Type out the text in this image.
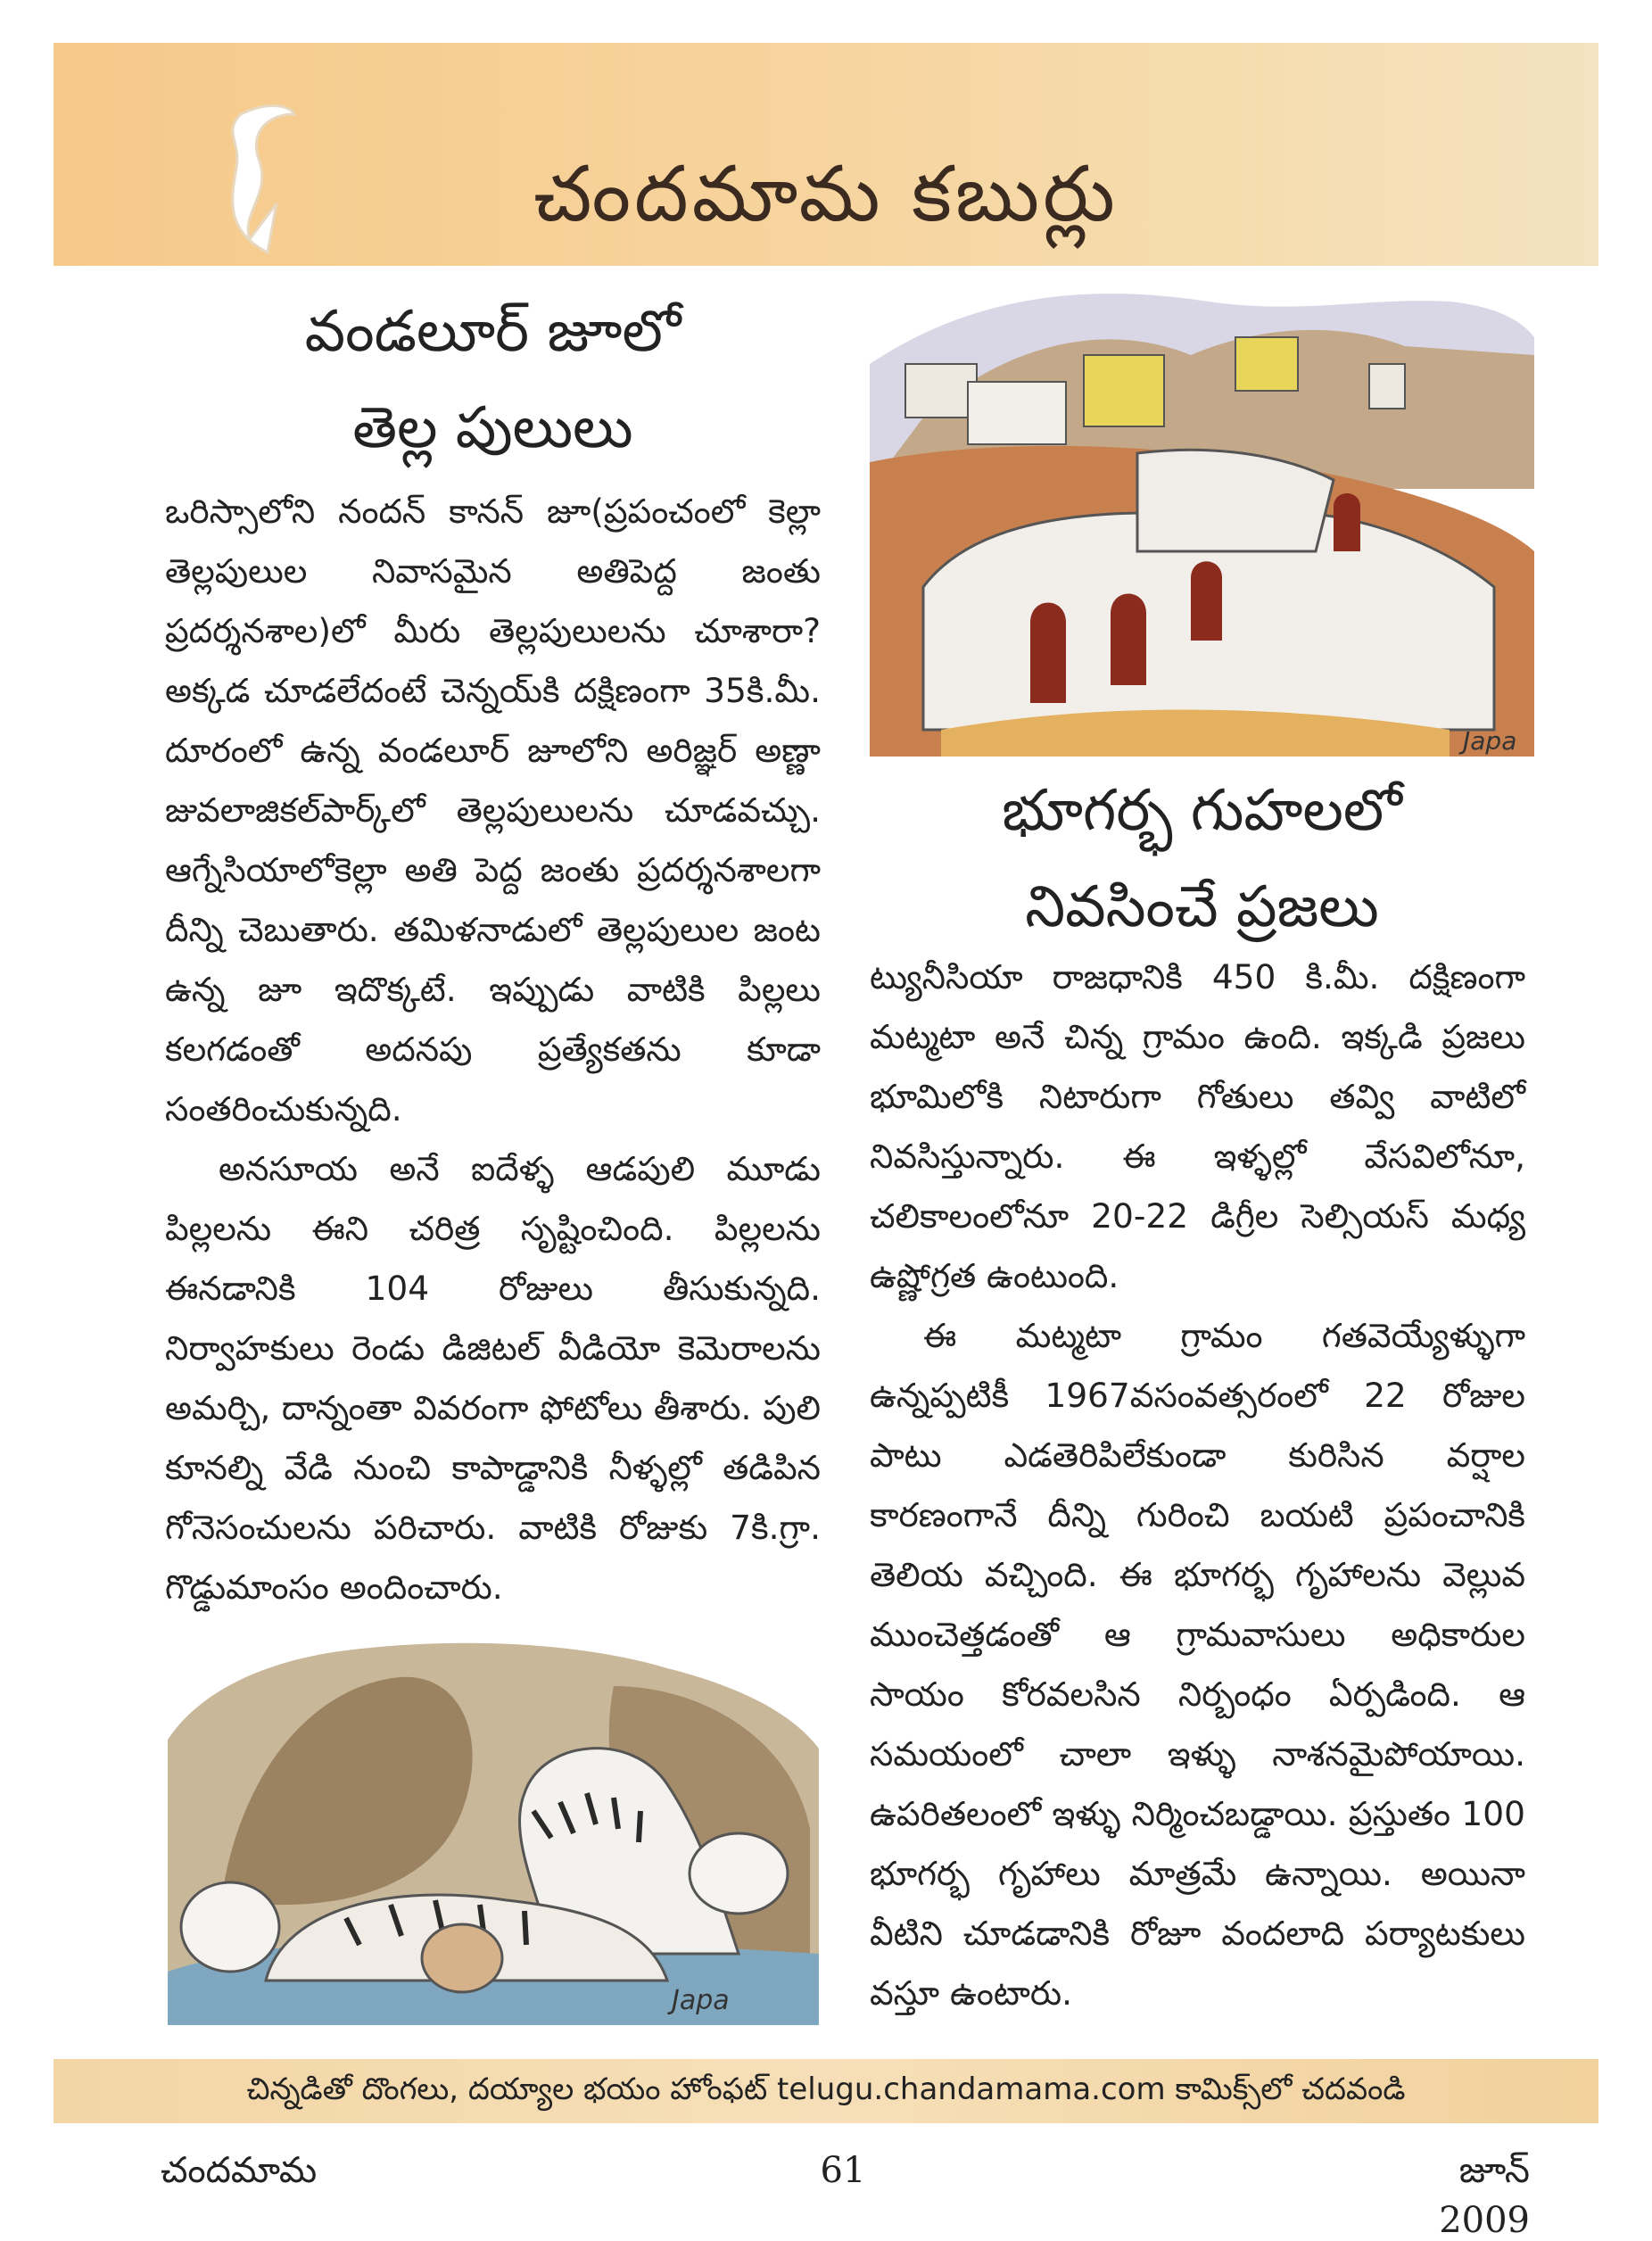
చందమామ కబుర్లు
వండలూర్ జూలో
తెల్ల పులులు

ఒరిస్సాలోని నందన్ కానన్ జూ(ప్రపంచంలో కెల్లా తెల్లపులుల నివాసమైన అతిపెద్ద జంతు ప్రదర్శనశాల)లో మీరు తెల్లపులులను చూశారా? అక్కడ చూడలేదంటే చెన్నయ్‌కి దక్షిణంగా 35కి.మీ. దూరంలో ఉన్న వండలూర్ జూలోని అరిజ్ఞర్ అణ్ణా జువలాజికల్‌పార్క్‌లో తెల్లపులులను చూడవచ్చు. ఆగ్నేసియాలోకెల్లా అతి పెద్ద జంతు ప్రదర్శనశాలగా దీన్ని చెబుతారు. తమిళనాడులో తెల్లపులుల జంట ఉన్న జూ ఇదొక్కటే. ఇప్పుడు వాటికి పిల్లలు కలగడంతో అదనపు ప్రత్యేకతను కూడా సంతరించుకున్నది.

అనసూయ అనే ఐదేళ్ళ ఆడపులి మూడు పిల్లలను ఈని చరిత్ర సృష్టించింది. పిల్లలను ఈనడానికి 104 రోజులు తీసుకున్నది. నిర్వాహకులు రెండు డిజిటల్ వీడియో కెమెరాలను అమర్చి, దాన్నంతా వివరంగా ఫోటోలు తీశారు. పులి కూనల్ని వేడి నుంచి కాపాడ్డానికి నీళ్ళల్లో తడిపిన గోనెసంచులను పరిచారు. వాటికి రోజుకు 7కి.గ్రా. గొడ్డుమాంసం అందించారు.

Japa
Japa
భూగర్భ గుహలలో
నివసించే ప్రజలు

ట్యునీసియా రాజధానికి 450 కి.మీ. దక్షిణంగా మట్మటా అనే చిన్న గ్రామం ఉంది. ఇక్కడి ప్రజలు భూమిలోకి నిటారుగా గోతులు తవ్వి వాటిలో నివసిస్తున్నారు. ఈ ఇళ్ళల్లో వేసవిలోనూ, చలికాలంలోనూ 20-22 డిగ్రీల సెల్సియస్ మధ్య ఉష్ణోగ్రత ఉంటుంది.

ఈ మట్మటా గ్రామం గతవెయ్యేళ్ళుగా ఉన్నప్పటికీ 1967వసంవత్సరంలో 22 రోజుల పాటు ఎడతెరిపిలేకుండా కురిసిన వర్షాల కారణంగానే దీన్ని గురించి బయటి ప్రపంచానికి తెలియ వచ్చింది. ఈ భూగర్భ గృహాలను వెల్లువ ముంచెత్తడంతో ఆ గ్రామవాసులు అధికారుల సాయం కోరవలసిన నిర్బంధం ఏర్పడింది. ఆ సమయంలో చాలా ఇళ్ళు నాశనమైపోయాయి. ఉపరితలంలో ఇళ్ళు నిర్మించబడ్డాయి. ప్రస్తుతం 100 భూగర్భ గృహాలు మాత్రమే ఉన్నాయి. అయినా వీటిని చూడడానికి రోజూ వందలాది పర్యాటకులు వస్తూ ఉంటారు.

చిన్నడితో దొంగలు, దయ్యాల భయం హోంఫట్ telugu.chandamama.com కామిక్స్‌లో చదవండి
చందమామ	61	జూన్ 2009
